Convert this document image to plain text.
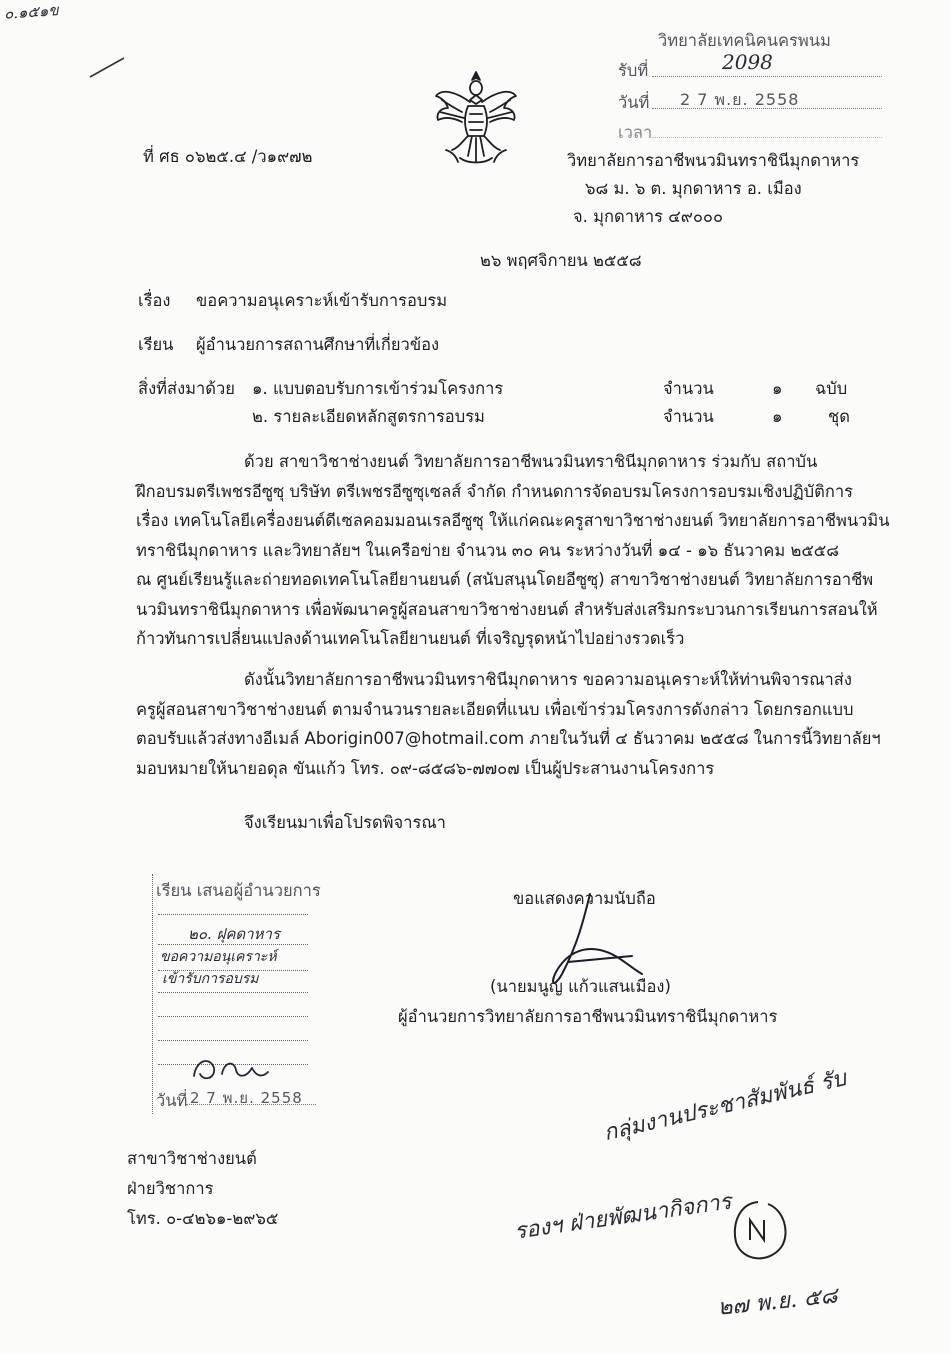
๐.๑๕๑ข
วิทยาลัยเทคนิคนครพนม
รับที่	2098
วันที่ 2 7 พ.ย. 2558
เวลา
ที่ ศธ ๐๖๒๕.๔ /ว๑๙๗๒	วิทยาลัยการอาชีพนวมินทราชินีมุกดาหาร
๖๘ ม. ๖ ต. มุกดาหาร อ. เมือง
จ. มุกดาหาร ๔๙๐๐๐
๒๖ พฤศจิกายน ๒๕๕๘
เรื่อง ขอความอนุเคราะห์เข้ารับการอบรม
เรียน ผู้อำนวยการสถานศึกษาที่เกี่ยวข้อง
สิ่งที่ส่งมาด้วย ๑. แบบตอบรับการเข้าร่วมโครงการ	จำนวน	๑ ฉบับ
๒. รายละเอียดหลักสูตรการอบรม	จำนวน	๑	ชุด
ด้วย สาขาวิชาช่างยนต์ วิทยาลัยการอาชีพนวมินทราชินีมุกดาหาร ร่วมกับ สถาบัน
ฝึกอบรมตรีเพชรอีซูซุ บริษัท ตรีเพชรอีซูซุเซลส์ จำกัด กำหนดการจัดอบรมโครงการอบรมเชิงปฏิบัติการ
เรื่อง เทคโนโลยีเครื่องยนต์ดีเซลคอมมอนเรลอีซูซุ ให้แก่คณะครูสาขาวิชาช่างยนต์ วิทยาลัยการอาชีพนวมิน
ทราชินีมุกดาหาร และวิทยาลัยฯ ในเครือข่าย จำนวน ๓๐ คน ระหว่างวันที่ ๑๔ - ๑๖ ธันวาคม ๒๕๕๘
ณ ศูนย์เรียนรู้และถ่ายทอดเทคโนโลยียานยนต์ (สนับสนุนโดยอีซูซุ) สาขาวิชาช่างยนต์ วิทยาลัยการอาชีพ
นวมินทราชินีมุกดาหาร เพื่อพัฒนาครูผู้สอนสาขาวิชาช่างยนต์ สำหรับส่งเสริมกระบวนการเรียนการสอนให้
ก้าวทันการเปลี่ยนแปลงด้านเทคโนโลยียานยนต์ ที่เจริญรุดหน้าไปอย่างรวดเร็ว
ดังนั้นวิทยาลัยการอาชีพนวมินทราชินีมุกดาหาร ขอความอนุเคราะห์ให้ท่านพิจารณาส่ง
ครูผู้สอนสาขาวิชาช่างยนต์ ตามจำนวนรายละเอียดที่แนบ เพื่อเข้าร่วมโครงการดังกล่าว โดยกรอกแบบ
ตอบรับแล้วส่งทางอีเมล์ Aborigin007@hotmail.com ภายในวันที่ ๔ ธันวาคม ๒๕๕๘ ในการนี้วิทยาลัยฯ
มอบหมายให้นายอดุล ขันแก้ว โทร. ๐๙-๘๕๘๖-๗๗๐๗ เป็นผู้ประสานงานโครงการ
จึงเรียนมาเพื่อโปรดพิจารณา
ขอแสดงความนับถือ
(นายมนูญ แก้วแสนเมือง)
ผู้อำนวยการวิทยาลัยการอาชีพนวมินทราชินีมุกดาหาร
เรียน เสนอผู้อำนวยการ
๒๐. ฝุคดาหาร
ขอความอนุเคราะห์
เข้ารับการอบรม
วันที่ 2 7 พ.ย. 2558
สาขาวิชาช่างยนต์
ฝ่ายวิชาการ
โทร. ๐-๔๒๖๑-๒๙๖๕
กลุ่มงานประชาสัมพันธ์ รับ
รองฯ ฝ่ายพัฒนากิจการ
๒๗ พ.ย. ๕๘
